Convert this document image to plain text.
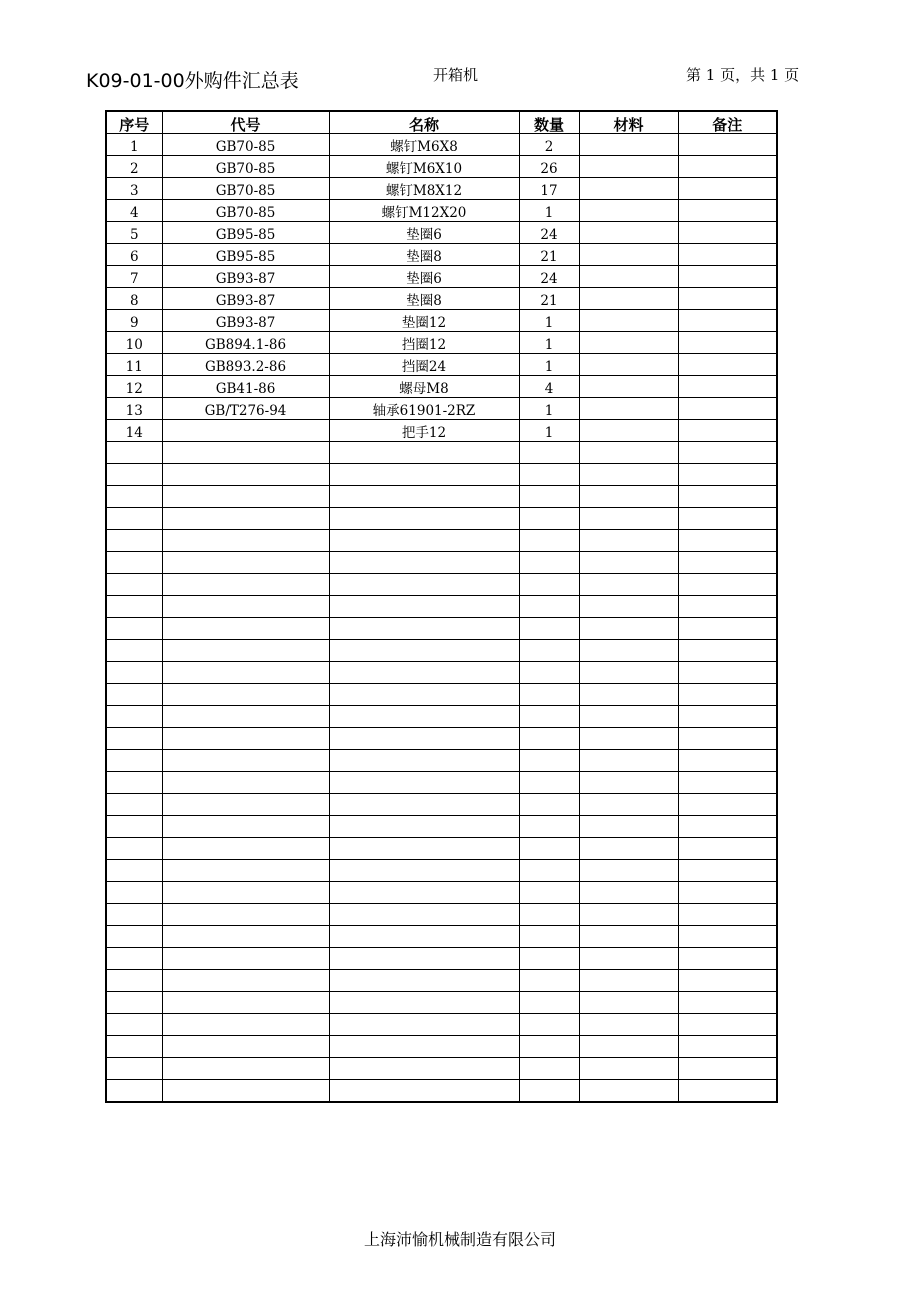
K09-01-00外购件汇总表	开箱机	第 1 页，共 1 页
序号	代号	名称	数量	材料	备注
1	GB70-85	螺钉M6X8	2		
2	GB70-85	螺钉M6X10	26		
3	GB70-85	螺钉M8X12	17		
4	GB70-85	螺钉M12X20	1		
5	GB95-85	垫圈6	24		
6	GB95-85	垫圈8	21		
7	GB93-87	垫圈6	24		
8	GB93-87	垫圈8	21		
9	GB93-87	垫圈12	1		
10	GB894.1-86	挡圈12	1		
11	GB893.2-86	挡圈24	1		
12	GB41-86	螺母M8	4		
13	GB/T276-94	轴承61901-2RZ	1		
14		把手12	1		

上海沛愉机械制造有限公司
